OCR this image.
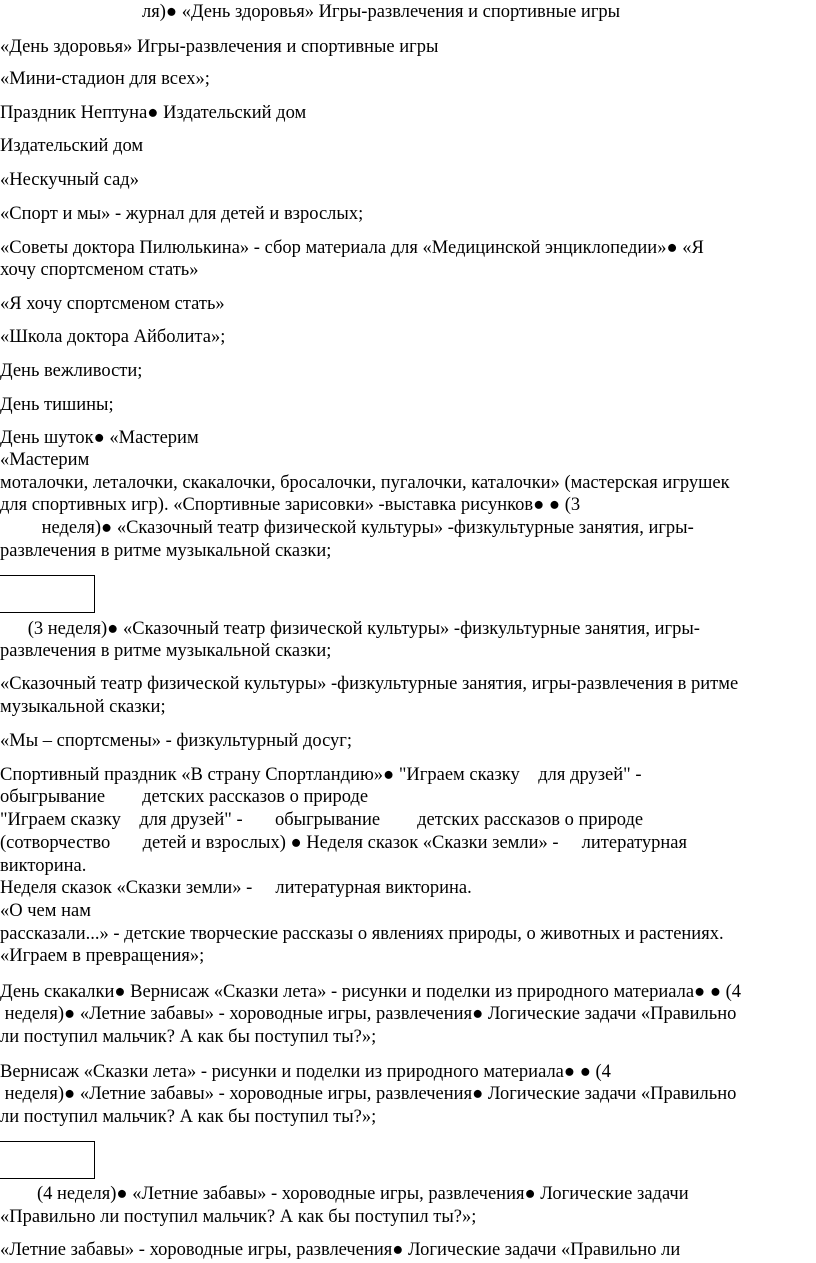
ля)● «День здоровья» Игры-развлечения и спортивные игры
«День здоровья» Игры-развлечения и спортивные игры
«Мини-стадион для всех»;
Праздник Нептуна● Издательский дом
Издательский дом
«Нескучный сад»
«Спорт и мы» - журнал для детей и взрослых;
«Советы доктора Пилюлькина» - сбор материала для «Медицинской энциклопедии»● «Я
хочу спортсменом стать»
«Я хочу спортсменом стать»
«Школа доктора Айболита»;
День вежливости;
День тишины;
День шуток● «Мастерим
«Мастерим
моталочки, леталочки, скакалочки, бросалочки, пугалочки, каталочки» (мастерская игрушек
для спортивных игр). «Спортивные зарисовки» -выставка рисунков● ● (3
неделя)● «Сказочный театр физической культуры» -физкультурные занятия, игры-
развлечения в ритме музыкальной сказки;
(3 неделя)● «Сказочный театр физической культуры» -физкультурные занятия, игры-
развлечения в ритме музыкальной сказки;
«Сказочный театр физической культуры» -физкультурные занятия, игры-развлечения в ритме
музыкальной сказки;
«Мы – спортсмены» - физкультурный досуг;
Спортивный праздник «В страну Спортландию»● "Играем сказку    для друзей" -
обыгрывание        детских рассказов о природе
"Играем сказку    для друзей" -       обыгрывание        детских рассказов о природе
(сотворчество       детей и взрослых) ● Неделя сказок «Сказки земли» -     литературная
викторина.
Неделя сказок «Сказки земли» -     литературная викторина.
«О чем нам
рассказали...» - детские творческие рассказы о явлениях природы, о животных и растениях.
«Играем в превращения»;
День скакалки● Вернисаж «Сказки лета» - рисунки и поделки из природного материала● ● (4
неделя)● «Летние забавы» - хороводные игры, развлечения● Логические задачи «Правильно
ли поступил мальчик? А как бы поступил ты?»;
Вернисаж «Сказки лета» - рисунки и поделки из природного материала● ● (4
неделя)● «Летние забавы» - хороводные игры, развлечения● Логические задачи «Правильно
ли поступил мальчик? А как бы поступил ты?»;
(4 неделя)● «Летние забавы» - хороводные игры, развлечения● Логические задачи
«Правильно ли поступил мальчик? А как бы поступил ты?»;
«Летние забавы» - хороводные игры, развлечения● Логические задачи «Правильно ли
